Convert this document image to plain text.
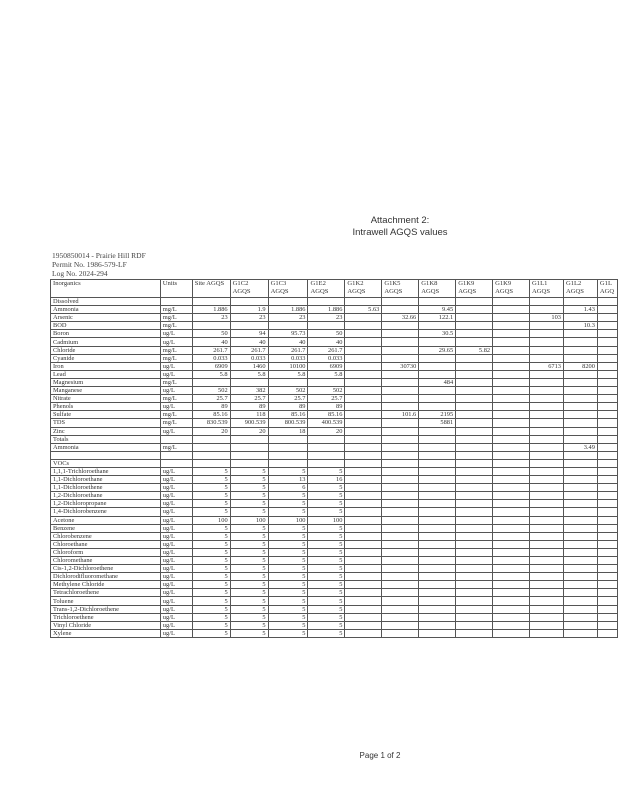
Attachment 2:
Intrawell AGQS values
1950850014 - Prairie Hill RDF
Permit No. 1986-579-LF
Log No. 2024-294
Inorganics	Units	Site AGQS	G1C2 AGQS	G1C3 AGQS	G1E2 AGQS	G1K2 AGQS	G1K5 AGQS	G1K8 AGQS	G1K9 AGQS	G1K9 AGQS	G1L1 AGQS	G1L2 AGQS	G1L AGQ
Dissolved													
Ammonia	mg/L	1.886	1.9	1.886	1.886	5.63		9.45				1.43	
Arsenic	mg/L	23	23	23	23		32.66	122.1			103		
BOD	mg/L											10.3	
Boron	ug/L	50	94	95.73	50			30.5					
Cadmium	ug/L	40	40	40	40								
Chloride	mg/L	261.7	261.7	261.7	261.7			29.65	5.82				
Cyanide	mg/L	0.033	0.033	0.033	0.033								
Iron	ug/L	6909	1460	10100	6909		30730				6713	8200	
Lead	ug/L	5.8	5.8	5.8	5.8								
Magnesium	mg/L							484					
Manganese	ug/L	502	382	502	502								
Nitrate	mg/L	25.7	25.7	25.7	25.7								
Phenols	ug/L	89	89	89	89								
Sulfate	mg/L	85.16	118	85.16	85.16		101.6	2195					
TDS	mg/L	830.539	900.539	800.539	400.539			5881					
Zinc	ug/L	20	20	18	20								
Totals													
Ammonia	mg/L											3.49	

VOCs													
1,1,1-Trichloroethane	ug/L	5	5	5	5								
1,1-Dichloroethane	ug/L	5	5	13	16								
1,1-Dichloroethene	ug/L	5	5	6	5								
1,2-Dichloroethane	ug/L	5	5	5	5								
1,2-Dichloropropane	ug/L	5	5	5	5								
1,4-Dichlorobenzene	ug/L	5	5	5	5								
Acetone	ug/L	100	100	100	100								
Benzene	ug/L	5	5	5	5								
Chlorobenzene	ug/L	5	5	5	5								
Chloroethane	ug/L	5	5	5	5								
Chloroform	ug/L	5	5	5	5								
Chloromethane	ug/L	5	5	5	5								
Cis-1,2-Dichloroethene	ug/L	5	5	5	5								
Dichlorodifluoromethane	ug/L	5	5	5	5								
Methylene Chloride	ug/L	5	5	5	5								
Tetrachloroethene	ug/L	5	5	5	5								
Toluene	ug/L	5	5	5	5								
Trans-1,2-Dichloroethene	ug/L	5	5	5	5								
Trichloroethene	ug/L	5	5	5	5								
Vinyl Chloride	ug/L	5	5	5	5								
Xylene	ug/L	5	5	5	5								
Page 1 of 2
